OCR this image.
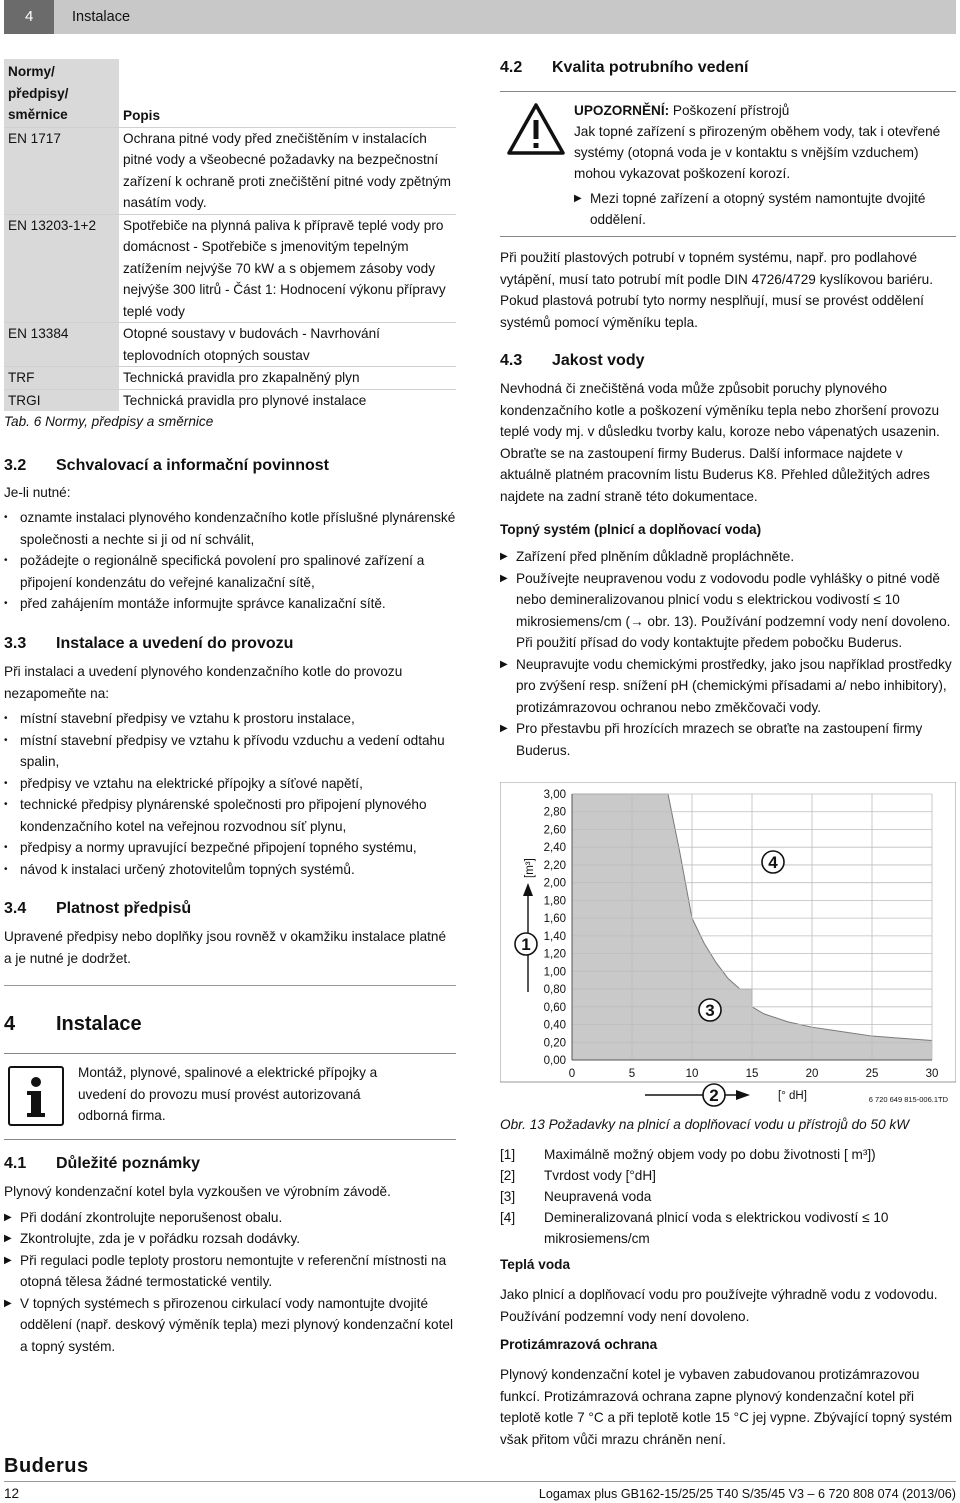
4	Instalace
Normy/
předpisy/
směrnice	Popis
EN 1717	Ochrana pitné vody před znečištěním v instalacích pitné vody a všeobecné požadavky na bezpečnostní zařízení k ochraně proti znečištění pitné vody zpětným nasátím vody.
EN 13203-1+2	Spotřebiče na plynná paliva k přípravě teplé vody pro domácnost - Spotřebiče s jmenovitým tepelným zatížením nejvýše 70 kW a s objemem zásoby vody nejvýše 300 litrů - Část 1: Hodnocení výkonu přípravy teplé vody
EN 13384	Otopné soustavy v budovách - Navrhování teplovodních otopných soustav
TRF	Technická pravidla pro zkapalněný plyn
TRGI	Technická pravidla pro plynové instalace
Tab. 6 Normy, předpisy a směrnice
3.2 Schvalovací a informační povinnost

Je-li nutné:

• oznamte instalaci plynového kondenzačního kotle příslušné plynárenské společnosti a nechte si ji od ní schválit,
• požádejte o regionálně specifická povolení pro spalinové zařízení a připojení kondenzátu do veřejné kanalizační sítě,
• před zahájením montáže informujte správce kanalizační sítě.
3.3 Instalace a uvedení do provozu

Při instalaci a uvedení plynového kondenzačního kotle do provozu nezapomeňte na:

• místní stavební předpisy ve vztahu k prostoru instalace,
• místní stavební předpisy ve vztahu k přívodu vzduchu a vedení odtahu spalin,
• předpisy ve vztahu na elektrické přípojky a síťové napětí,
• technické předpisy plynárenské společnosti pro připojení plynového kondenzačního kotel na veřejnou rozvodnou síť plynu,
• předpisy a normy upravující bezpečné připojení topného systému,
• návod k instalaci určený zhotovitelům topných systémů.
3.4 Platnost předpisů

Upravené předpisy nebo doplňky jsou rovněž v okamžiku instalace platné a je nutné je dodržet.

4 Instalace

Montáž, plynové, spalinové a elektrické přípojky a uvedení do provozu musí provést autorizovaná odborná firma.

4.1 Důležité poznámky

Plynový kondenzační kotel byla vyzkoušen ve výrobním závodě.

▶ Při dodání zkontrolujte neporušenost obalu.
▶ Zkontrolujte, zda je v pořádku rozsah dodávky.
▶ Při regulaci podle teploty prostoru nemontujte v referenční místnosti na otopná tělesa žádné termostatické ventily.
▶ V topných systémech s přirozenou cirkulací vody namontujte dvojité oddělení (např. deskový výměník tepla) mezi plynový kondenzační kotel a topný systém.
4.2 Kvalita potrubního vedení

UPOZORNĚNÍ: Poškození přístrojů

Jak topné zařízení s přirozeným oběhem vody, tak i otevřené systémy (otopná voda je v kontaktu s vnějším vzduchem) mohou vykazovat poškození korozí.

▶ Mezi topné zařízení a otopný systém namontujte dvojité oddělení.
Při použití plastových potrubí v topném systému, např. pro podlahové vytápění, musí tato potrubí mít podle DIN 4726/4729 kyslíkovou bariéru. Pokud plastová potrubí tyto normy nesplňují, musí se provést oddělení systémů pomocí výměníku tepla.
4.3 Jakost vody

Nevhodná či znečištěná voda může způsobit poruchy plynového kondenzačního kotle a poškození výměníku tepla nebo zhoršení provozu teplé vody mj. v důsledku tvorby kalu, koroze nebo vápenatých usazenin. Obraťte se na zastoupení firmy Buderus. Další informace najdete v aktuálně platném pracovním listu Buderus K8. Přehled důležitých adres najdete na zadní straně této dokumentace.

Topný systém (plnicí a doplňovací voda)
▶ Zařízení před plněním důkladně propláchněte.
▶ Používejte neupravenou vodu z vodovodu podle vyhlášky o pitné vodě nebo demineralizovanou plnicí vodu s elektrickou vodivostí ≤ 10 mikrosiemens/cm (→ obr. 13). Používání podzemní vody není dovoleno. Při použití přísad do vody kontaktujte předem pobočku Buderus.
▶ Neupravujte vodu chemickými prostředky, jako jsou například prostředky pro zvýšení resp. snížení pH (chemickými přísadami a/ nebo inhibitory), protizámrazovou ochranou nebo změkčovači vody.
▶ Pro přestavbu při hrozících mrazech se obraťte na zastoupení firmy Buderus.
0,00
0,20
0,40
0,60
0,80
1,00
1,20
1,40
1,60
1,80
2,00
2,20
2,40
2,60
2,80
3,00
0	5	10	15	20	25	30
[m³]
1
3
4
2	[° dH]	6 720 649 815-006.1TD

Obr. 13 Požadavky na plnicí a doplňovací vodu u přístrojů do 50 kW

[1]	Maximálně možný objem vody po dobu životnosti [ m³])
[2]	Tvrdost vody [°dH]
[3]	Neupravená voda
[4]	Demineralizovaná plnicí voda s elektrickou vodivostí ≤ 10 mikrosiemens/cm
Teplá voda

Jako plnicí a doplňovací vodu pro používejte výhradně vodu z vodovodu. Používání podzemní vody není dovoleno.

Protizámrazová ochrana

Plynový kondenzační kotel je vybaven zabudovanou protizámrazovou funkcí. Protizámrazová ochrana zapne plynový kondenzační kotel při teplotě kotle 7 °C a při teplotě kotle 15 °C jej vypne. Zbývající topný systém však přitom vůči mrazu chráněn není.

Buderus
12	Logamax plus GB162-15/25/25 T40 S/35/45 V3 – 6 720 808 074 (2013/06)
